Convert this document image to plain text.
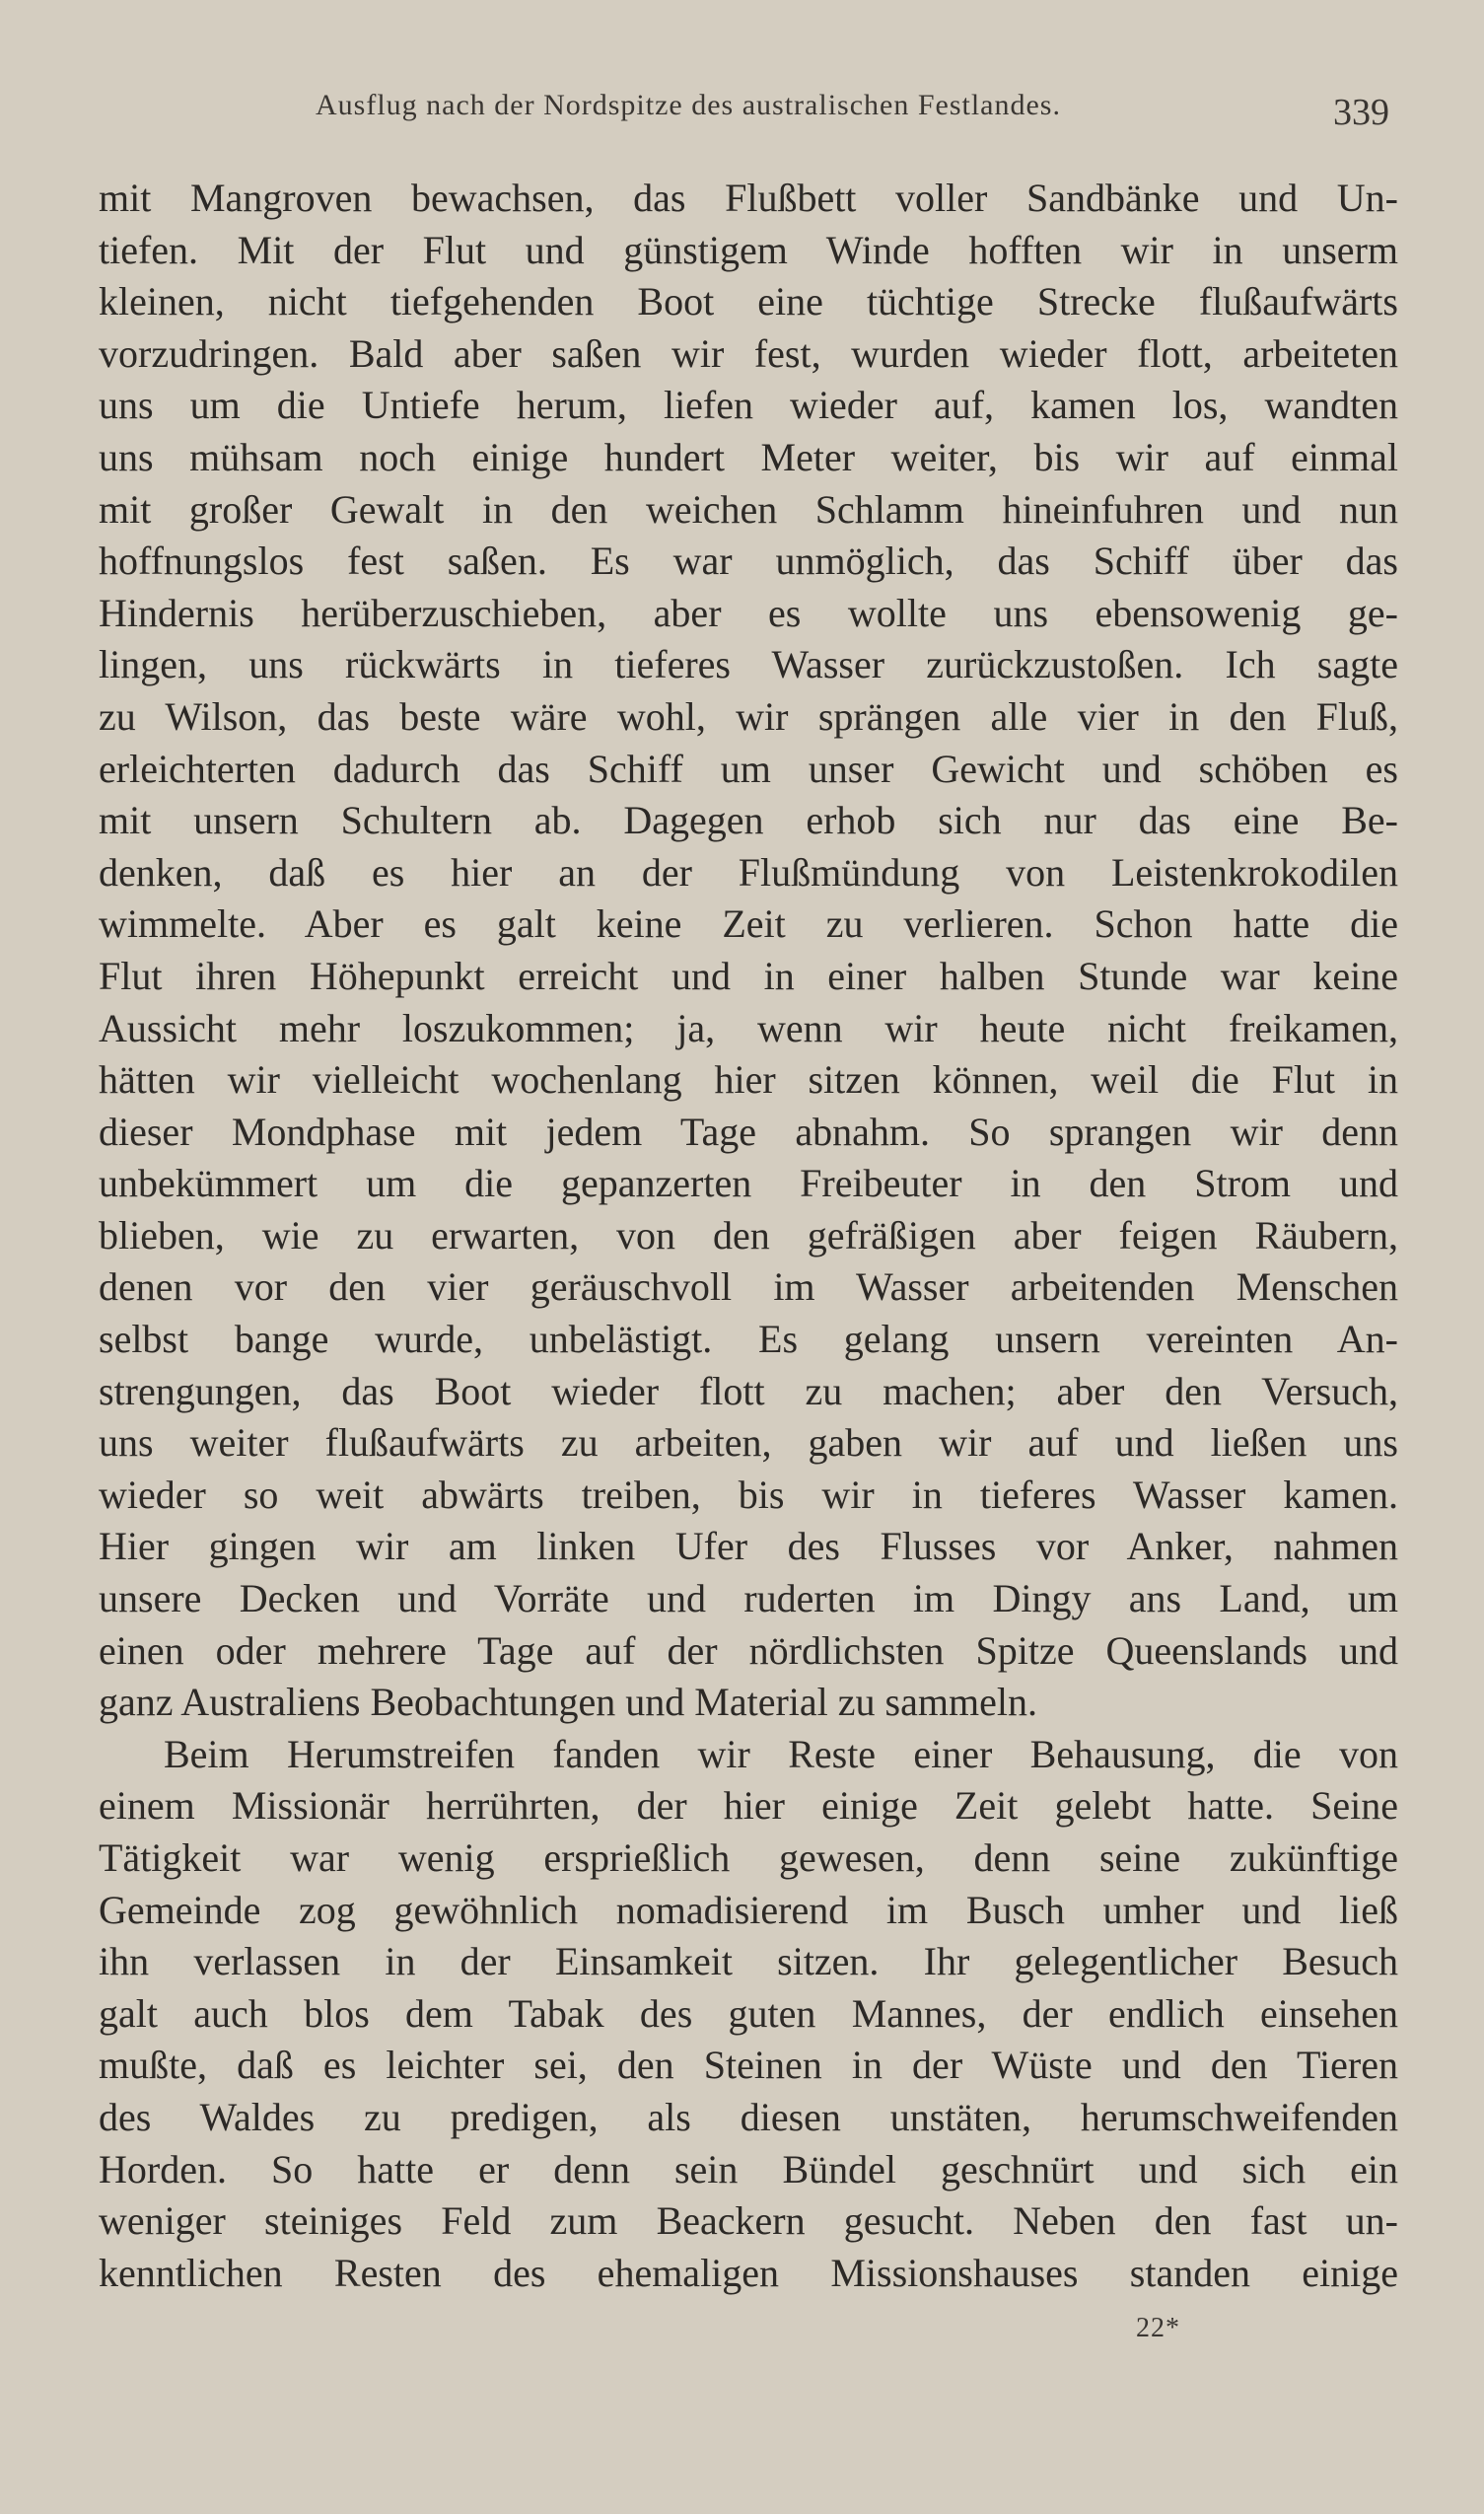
Ausflug nach der Nordspitze des australischen Festlandes.	339
mit Mangroven bewachsen, das Flußbett voller Sandbänke und Un-
tiefen. Mit der Flut und günstigem Winde hofften wir in unserm
kleinen, nicht tiefgehenden Boot eine tüchtige Strecke flußaufwärts
vorzudringen. Bald aber saßen wir fest, wurden wieder flott, arbeiteten
uns um die Untiefe herum, liefen wieder auf, kamen los, wandten
uns mühsam noch einige hundert Meter weiter, bis wir auf einmal
mit großer Gewalt in den weichen Schlamm hineinfuhren und nun
hoffnungslos fest saßen. Es war unmöglich, das Schiff über das
Hindernis herüberzuschieben, aber es wollte uns ebensowenig ge-
lingen, uns rückwärts in tieferes Wasser zurückzustoßen. Ich sagte
zu Wilson, das beste wäre wohl, wir sprängen alle vier in den Fluß,
erleichterten dadurch das Schiff um unser Gewicht und schöben es
mit unsern Schultern ab. Dagegen erhob sich nur das eine Be-
denken, daß es hier an der Flußmündung von Leistenkrokodilen
wimmelte. Aber es galt keine Zeit zu verlieren. Schon hatte die
Flut ihren Höhepunkt erreicht und in einer halben Stunde war keine
Aussicht mehr loszukommen; ja, wenn wir heute nicht freikamen,
hätten wir vielleicht wochenlang hier sitzen können, weil die Flut in
dieser Mondphase mit jedem Tage abnahm. So sprangen wir denn
unbekümmert um die gepanzerten Freibeuter in den Strom und
blieben, wie zu erwarten, von den gefräßigen aber feigen Räubern,
denen vor den vier geräuschvoll im Wasser arbeitenden Menschen
selbst bange wurde, unbelästigt. Es gelang unsern vereinten An-
strengungen, das Boot wieder flott zu machen; aber den Versuch,
uns weiter flußaufwärts zu arbeiten, gaben wir auf und ließen uns
wieder so weit abwärts treiben, bis wir in tieferes Wasser kamen.
Hier gingen wir am linken Ufer des Flusses vor Anker, nahmen
unsere Decken und Vorräte und ruderten im Dingy ans Land, um
einen oder mehrere Tage auf der nördlichsten Spitze Queenslands und
ganz Australiens Beobachtungen und Material zu sammeln.
Beim Herumstreifen fanden wir Reste einer Behausung, die von
einem Missionär herrührten, der hier einige Zeit gelebt hatte. Seine
Tätigkeit war wenig ersprießlich gewesen, denn seine zukünftige
Gemeinde zog gewöhnlich nomadisierend im Busch umher und ließ
ihn verlassen in der Einsamkeit sitzen. Ihr gelegentlicher Besuch
galt auch blos dem Tabak des guten Mannes, der endlich einsehen
mußte, daß es leichter sei, den Steinen in der Wüste und den Tieren
des Waldes zu predigen, als diesen unstäten, herumschweifenden
Horden. So hatte er denn sein Bündel geschnürt und sich ein
weniger steiniges Feld zum Beackern gesucht. Neben den fast un-
kenntlichen Resten des ehemaligen Missionshauses standen einige
22*
